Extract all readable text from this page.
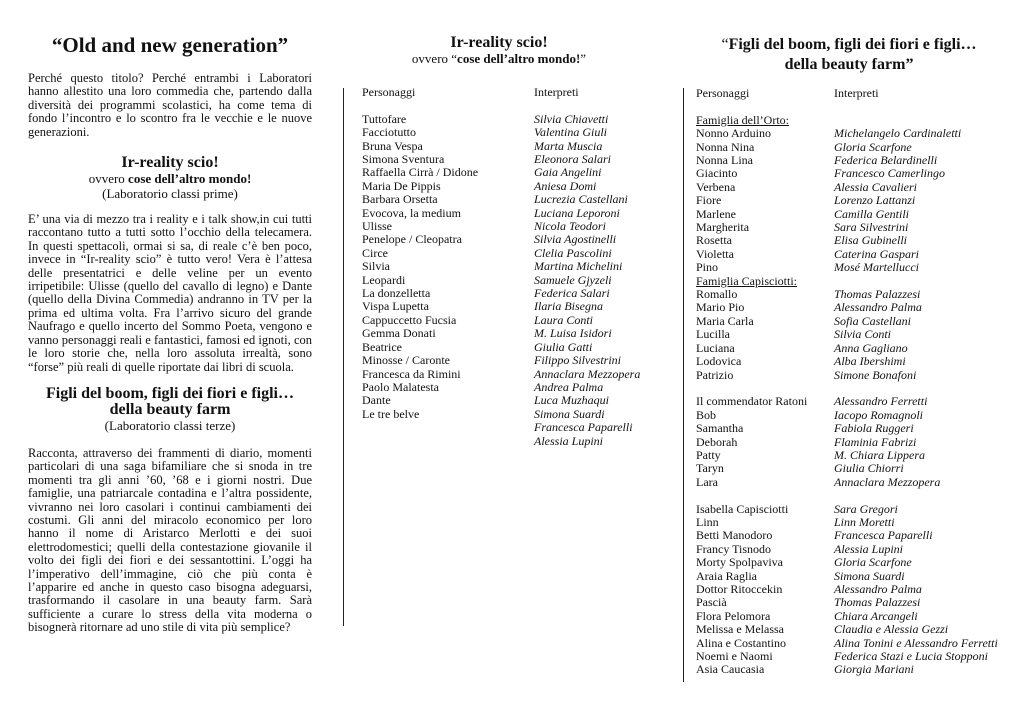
“Old and new generation”

Perché questo titolo? Perché entrambi i Laboratori hanno allestito una loro commedia che, partendo dalla diversità dei programmi scolastici, ha come tema di fondo l’incontro e lo scontro fra le vecchie e le nuove generazioni.

Ir-reality scio!
ovvero cose dell’altro mondo!
(Laboratorio classi prime)

E’ una via di mezzo tra i reality e i talk show,in cui tutti raccontano tutto a tutti sotto l’occhio della telecamera. In questi spettacoli, ormai si sa, di reale c’è ben poco, invece in “Ir-reality scio” è tutto vero! Vera è l’attesa delle presentatrici e delle veline per un evento irripetibile: Ulisse (quello del cavallo di legno) e Dante (quello della Divina Commedia) andranno in TV per la prima ed ultima volta. Fra l’arrivo sicuro del grande Naufrago e quello incerto del Sommo Poeta, vengono e vanno personaggi reali e fantastici, famosi ed ignoti, con le loro storie che, nella loro assoluta irrealtà, sono “forse” più reali di quelle riportate dai libri di scuola.

Figli del boom, figli dei fiori e figli…
della beauty farm
(Laboratorio classi terze)

Racconta, attraverso dei frammenti di diario, momenti particolari di una saga bifamiliare che si snoda in tre momenti tra gli anni ’60, ’68 e i giorni nostri. Due famiglie, una patriarcale contadina e l’altra possidente, vivranno nei loro casolari i continui cambiamenti dei costumi. Gli anni del miracolo economico per loro hanno il nome di Aristarco Merlotti e dei suoi elettrodomestici; quelli della contestazione giovanile il volto dei figli dei fiori e dei sessantottini. L’oggi ha l’imperativo dell’immagine, ciò che più conta è l’apparire ed anche in questo caso bisogna adeguarsi, trasformando il casolare in una beauty farm. Sarà sufficiente a curare lo stress della vita moderna o bisognerà ritornare ad uno stile di vita più semplice?

Ir-reality scio!
ovvero “cose dell’altro mondo!”
Personaggi	Interpreti

Tuttofare	Silvia Chiavetti
Facciotutto	Valentina Giuli
Bruna Vespa	Marta Muscia
Simona Sventura	Eleonora Salari
Raffaella Cirrà / Didone	Gaia Angelini
Maria De Pippis	Aniesa Domi
Barbara Orsetta	Lucrezia Castellani
Evocova, la medium	Luciana Leporoni
Ulisse	Nicola Teodori
Penelope / Cleopatra	Silvia Agostinelli
Circe	Clelia Pascolini
Silvia	Martina Michelini
Leopardi	Samuele Gjyzeli
La donzelletta	Federica Salari
Vispa Lupetta	Ilaria Bisegna
Cappuccetto Fucsia	Laura Conti
Gemma Donati	M. Luisa Isidori
Beatrice	Giulia Gatti
Minosse / Caronte	Filippo Silvestrini
Francesca da Rimini	Annaclara Mezzopera
Paolo Malatesta	Andrea Palma
Dante	Luca Muzhaqui
Le tre belve	Simona Suardi
	Francesca Paparelli
	Alessia Lupini
“Figli del boom, figli dei fiori e figli…
della beauty farm”
Personaggi	Interpreti

Famiglia dell’Orto:	
Nonno Arduino	Michelangelo Cardinaletti
Nonna Nina	Gloria Scarfone
Nonna Lina	Federica Belardinelli
Giacinto	Francesco Camerlingo
Verbena	Alessia Cavalieri
Fiore	Lorenzo Lattanzi
Marlene	Camilla Gentili
Margherita	Sara Silvestrini
Rosetta	Elisa Gubinelli
Violetta	Caterina Gaspari
Pino	Mosé Martellucci
Famiglia Capisciotti:	
Romallo	Thomas Palazzesi
Mario Pio	Alessandro Palma
Maria Carla	Sofia Castellani
Lucilla	Silvia Conti
Luciana	Anna Gagliano
Lodovica	Alba Ibershimi
Patrizio	Simone Bonafoni

Il commendator Ratoni	Alessandro Ferretti
Bob	Iacopo Romagnoli
Samantha	Fabiola Ruggeri
Deborah	Flaminia Fabrizi
Patty	M. Chiara Lippera
Taryn	Giulia Chiorri
Lara	Annaclara Mezzopera

Isabella Capisciotti	Sara Gregori
Linn	Linn Moretti
Betti Manodoro	Francesca Paparelli
Francy Tisnodo	Alessia Lupini
Morty Spolpaviva	Gloria Scarfone
Araia Raglia	Simona Suardi
Dottor Ritoccekin	Alessandro Palma
Pascià	Thomas Palazzesi
Flora Pelomora	Chiara Arcangeli
Melissa e Melassa	Claudia e Alessia Gezzi
Alina e Costantino	Alina Tonini e Alessandro Ferretti
Noemi e Naomi	Federica Stazi e Lucia Stopponi
Asia Caucasia	Giorgia Mariani
